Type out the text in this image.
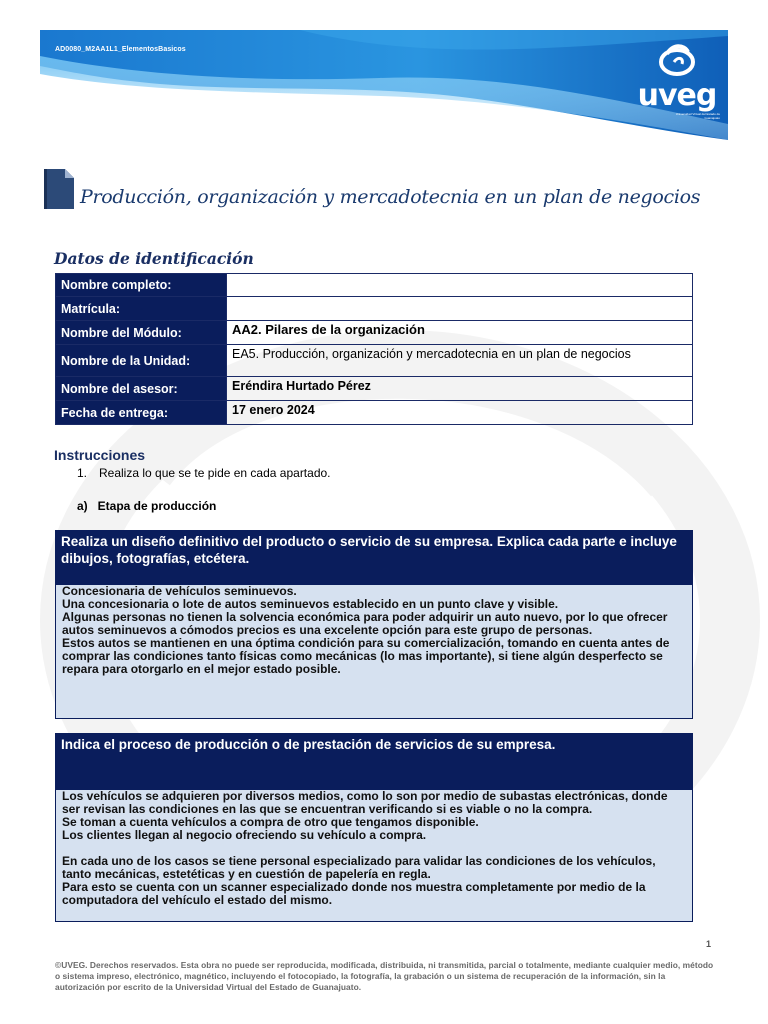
AD0080_M2AA1L1_ElementosBasicos
uveg
Universidad Virtual del Estado de Guanajuato
Producción, organización y mercadotecnia en un plan de negocios
Datos de identificación
Nombre completo:	
Matrícula:	
Nombre del Módulo:	AA2. Pilares de la organización
Nombre de la Unidad:	EA5. Producción, organización y mercadotecnia en un plan de negocios
Nombre del asesor:	Eréndira Hurtado Pérez
Fecha de entrega:	17 enero 2024
Instrucciones
1. Realiza lo que se te pide en cada apartado.
a)   Etapa de producción
Realiza un diseño definitivo del producto o servicio de su empresa. Explica cada parte e incluye dibujos, fotografías, etcétera.

Concesionaria de vehículos seminuevos.

Una concesionaria o lote de autos seminuevos establecido en un punto clave y visible.

Algunas personas no tienen la solvencia económica para poder adquirir un auto nuevo, por lo que ofrecer autos seminuevos a cómodos precios es una excelente opción para este grupo de personas.

Estos autos se mantienen en una óptima condición para su comercialización, tomando en cuenta antes de comprar las condiciones tanto físicas como mecánicas (lo mas importante), si tiene algún desperfecto se repara para otorgarlo en el mejor estado posible.

Indica el proceso de producción o de prestación de servicios de su empresa.

Los vehículos se adquieren por diversos medios, como lo son por medio de subastas electrónicas, donde ser revisan las condiciones en las que se encuentran verificando si es viable o no la compra.

Se toman a cuenta vehículos a compra de otro que tengamos disponible.

Los clientes llegan al negocio ofreciendo su vehículo a compra.

En cada uno de los casos se tiene personal especializado para validar las condiciones de los vehículos, tanto mecánicas, estetéticas y en cuestión de papelería en regla.

Para esto se cuenta con un scanner especializado donde nos muestra completamente por medio de la computadora del vehículo el estado del mismo.

1
©UVEG. Derechos reservados. Esta obra no puede ser reproducida, modificada, distribuida, ni transmitida, parcial o totalmente, mediante cualquier medio, método o sistema impreso, electrónico, magnético, incluyendo el fotocopiado, la fotografía, la grabación o un sistema de recuperación de la información, sin la autorización por escrito de la Universidad Virtual del Estado de Guanajuato.
